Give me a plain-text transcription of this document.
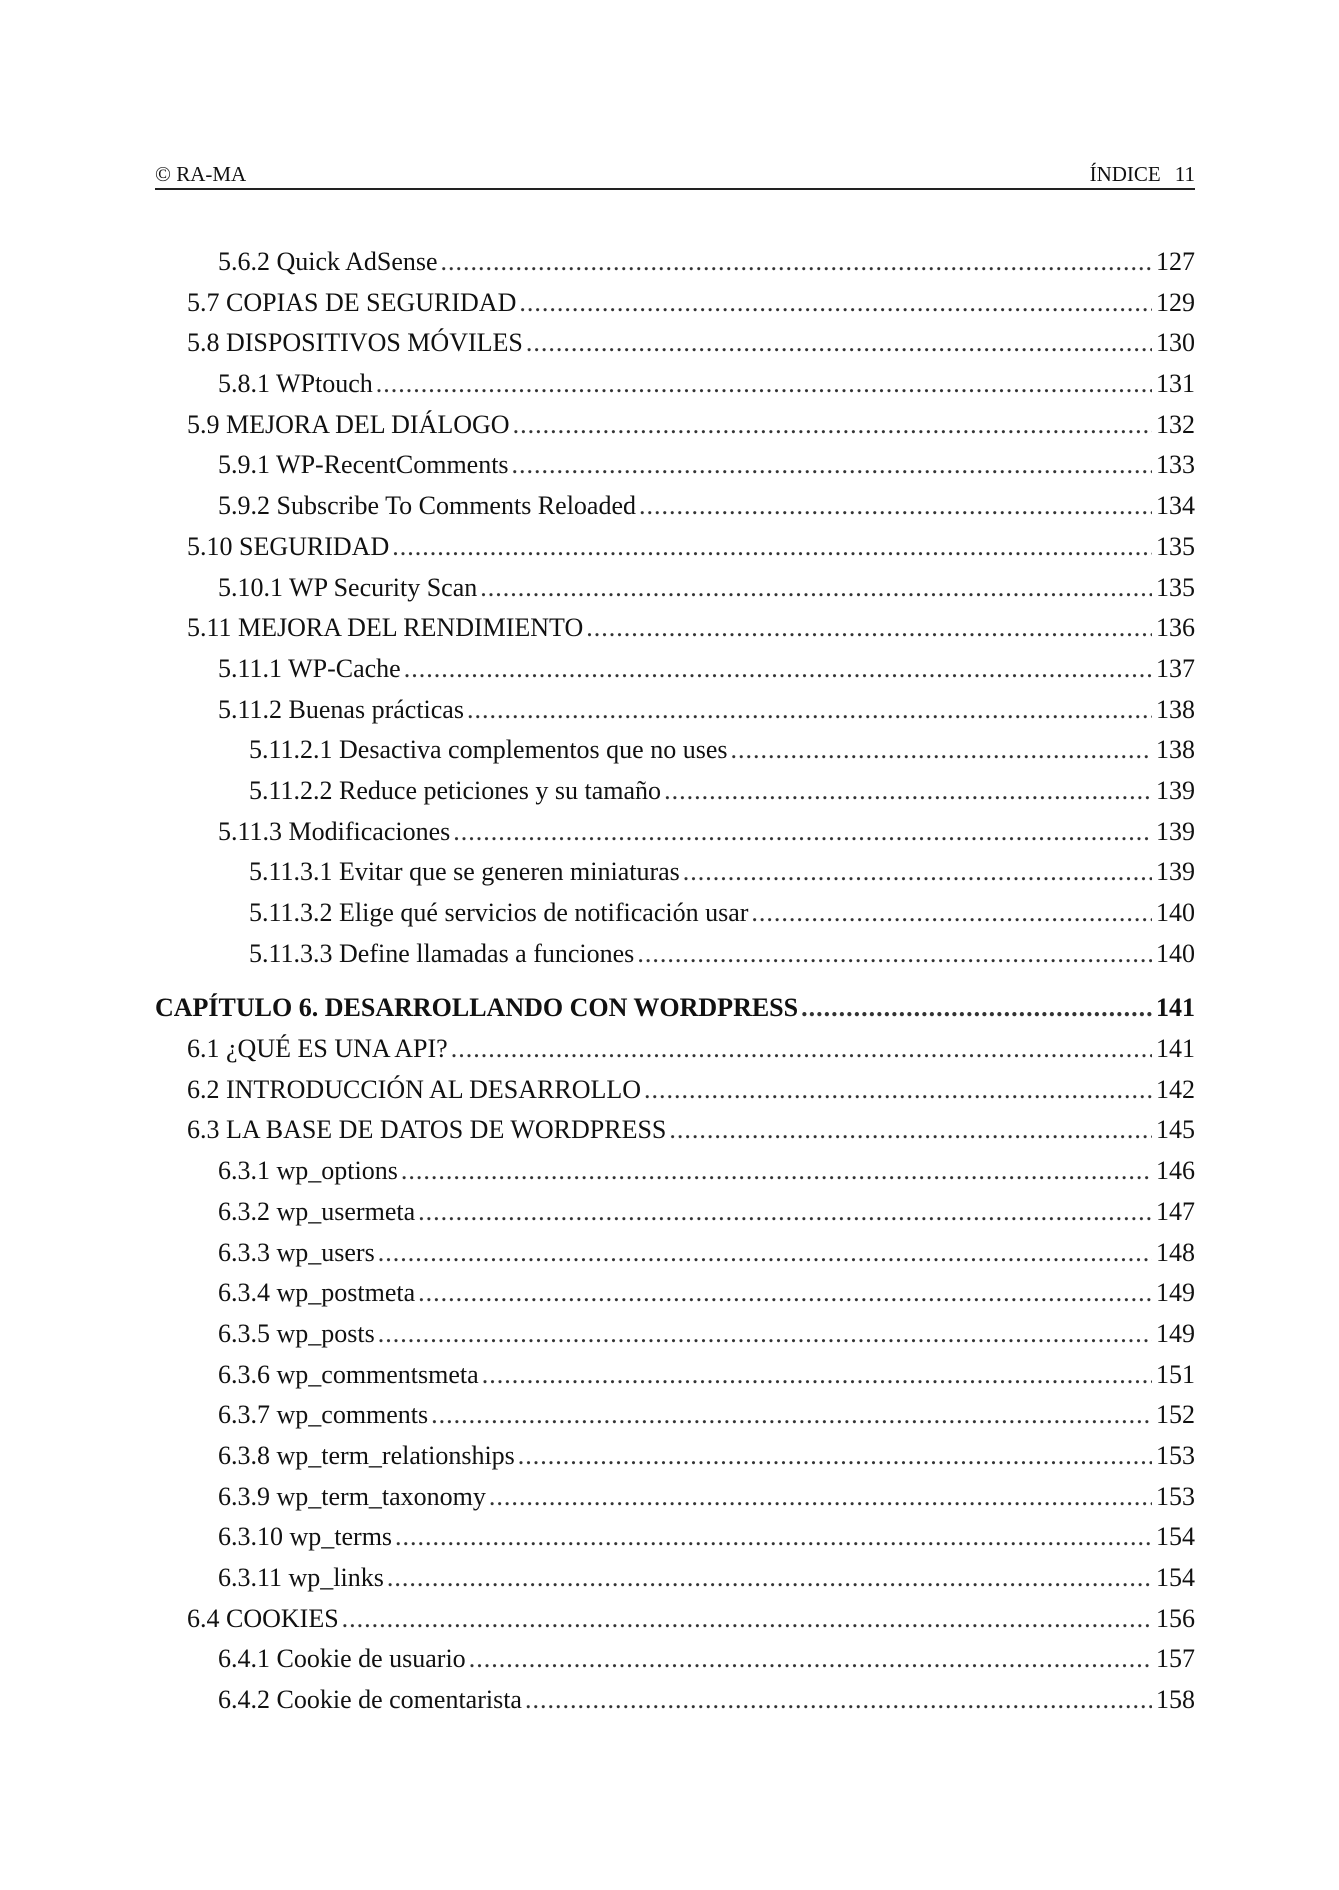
© RA-MA	ÍNDICE 11
5.6.2 Quick AdSense .....	127
5.7 COPIAS DE SEGURIDAD .....	129
5.8 DISPOSITIVOS MÓVILES .....	130
5.8.1 WPtouch .....	131
5.9 MEJORA DEL DIÁLOGO .....	132
5.9.1 WP-RecentComments .....	133
5.9.2 Subscribe To Comments Reloaded .....	134
5.10 SEGURIDAD .....	135
5.10.1 WP Security Scan .....	135
5.11 MEJORA DEL RENDIMIENTO .....	136
5.11.1 WP-Cache .....	137
5.11.2 Buenas prácticas .....	138
5.11.2.1 Desactiva complementos que no uses .....	138
5.11.2.2 Reduce peticiones y su tamaño .....	139
5.11.3 Modificaciones .....	139
5.11.3.1 Evitar que se generen miniaturas .....	139
5.11.3.2 Elige qué servicios de notificación usar .....	140
5.11.3.3 Define llamadas a funciones .....	140
CAPÍTULO 6. DESARROLLANDO CON WORDPRESS .....	141
6.1 ¿QUÉ ES UNA API? .....	141
6.2 INTRODUCCIÓN AL DESARROLLO .....	142
6.3 LA BASE DE DATOS DE WORDPRESS .....	145
6.3.1 wp_options .....	146
6.3.2 wp_usermeta .....	147
6.3.3 wp_users .....	148
6.3.4 wp_postmeta .....	149
6.3.5 wp_posts .....	149
6.3.6 wp_commentsmeta .....	151
6.3.7 wp_comments .....	152
6.3.8 wp_term_relationships .....	153
6.3.9 wp_term_taxonomy .....	153
6.3.10 wp_terms .....	154
6.3.11 wp_links .....	154
6.4 COOKIES .....	156
6.4.1 Cookie de usuario .....	157
6.4.2 Cookie de comentarista .....	158
